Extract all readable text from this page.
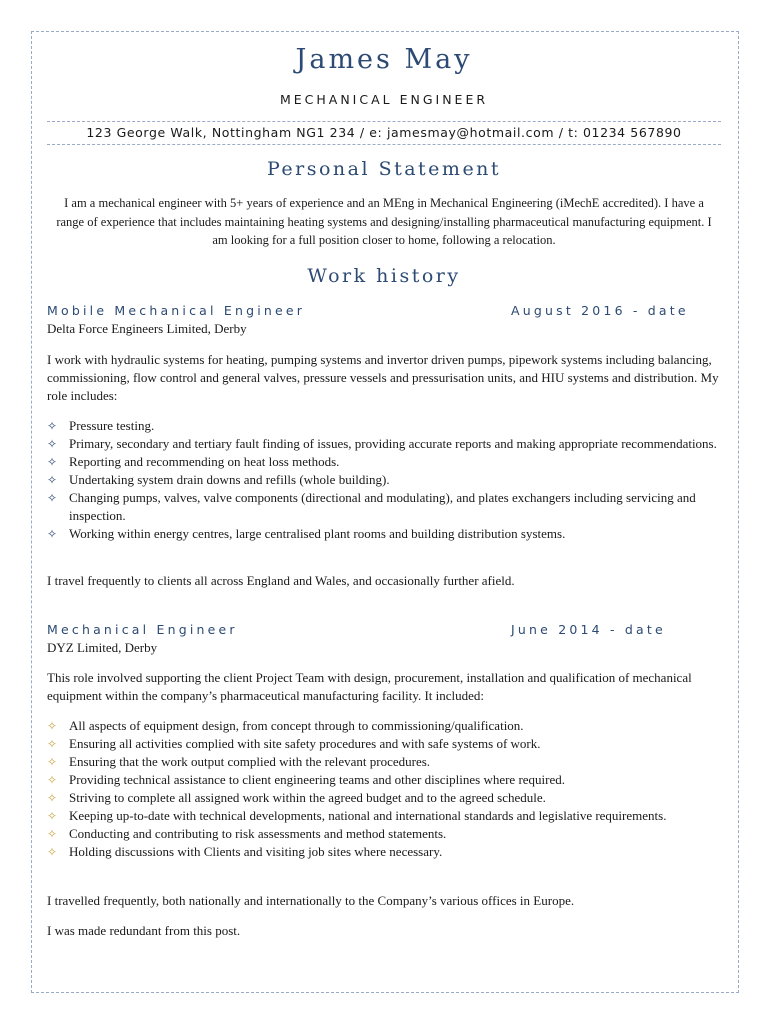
James May
MECHANICAL ENGINEER
123 George Walk, Nottingham NG1 234 / e: jamesmay@hotmail.com / t: 01234 567890
Personal Statement
I am a mechanical engineer with 5+ years of experience and an MEng in Mechanical Engineering (iMechE accredited). I have a range of experience that includes maintaining heating systems and designing/installing pharmaceutical manufacturing equipment. I am looking for a full position closer to home, following a relocation.
Work history
Mobile Mechanical Engineer	August 2016 - date
Delta Force Engineers Limited, Derby
I work with hydraulic systems for heating, pumping systems and invertor driven pumps, pipework systems including balancing, commissioning, flow control and general valves, pressure vessels and pressurisation units, and HIU systems and distribution. My role includes:
✧ Pressure testing.
✧ Primary, secondary and tertiary fault finding of issues, providing accurate reports and making appropriate recommendations.
✧ Reporting and recommending on heat loss methods.
✧ Undertaking system drain downs and refills (whole building).
✧ Changing pumps, valves, valve components (directional and modulating), and plates exchangers including servicing and inspection.
✧ Working within energy centres, large centralised plant rooms and building distribution systems.
I travel frequently to clients all across England and Wales, and occasionally further afield.
Mechanical Engineer	June 2014 - date
DYZ Limited, Derby
This role involved supporting the client Project Team with design, procurement, installation and qualification of mechanical equipment within the company’s pharmaceutical manufacturing facility. It included:
✧ All aspects of equipment design, from concept through to commissioning/qualification.
✧ Ensuring all activities complied with site safety procedures and with safe systems of work.
✧ Ensuring that the work output complied with the relevant procedures.
✧ Providing technical assistance to client engineering teams and other disciplines where required.
✧ Striving to complete all assigned work within the agreed budget and to the agreed schedule.
✧ Keeping up-to-date with technical developments, national and international standards and legislative requirements.
✧ Conducting and contributing to risk assessments and method statements.
✧ Holding discussions with Clients and visiting job sites where necessary.
I travelled frequently, both nationally and internationally to the Company’s various offices in Europe.
I was made redundant from this post.
